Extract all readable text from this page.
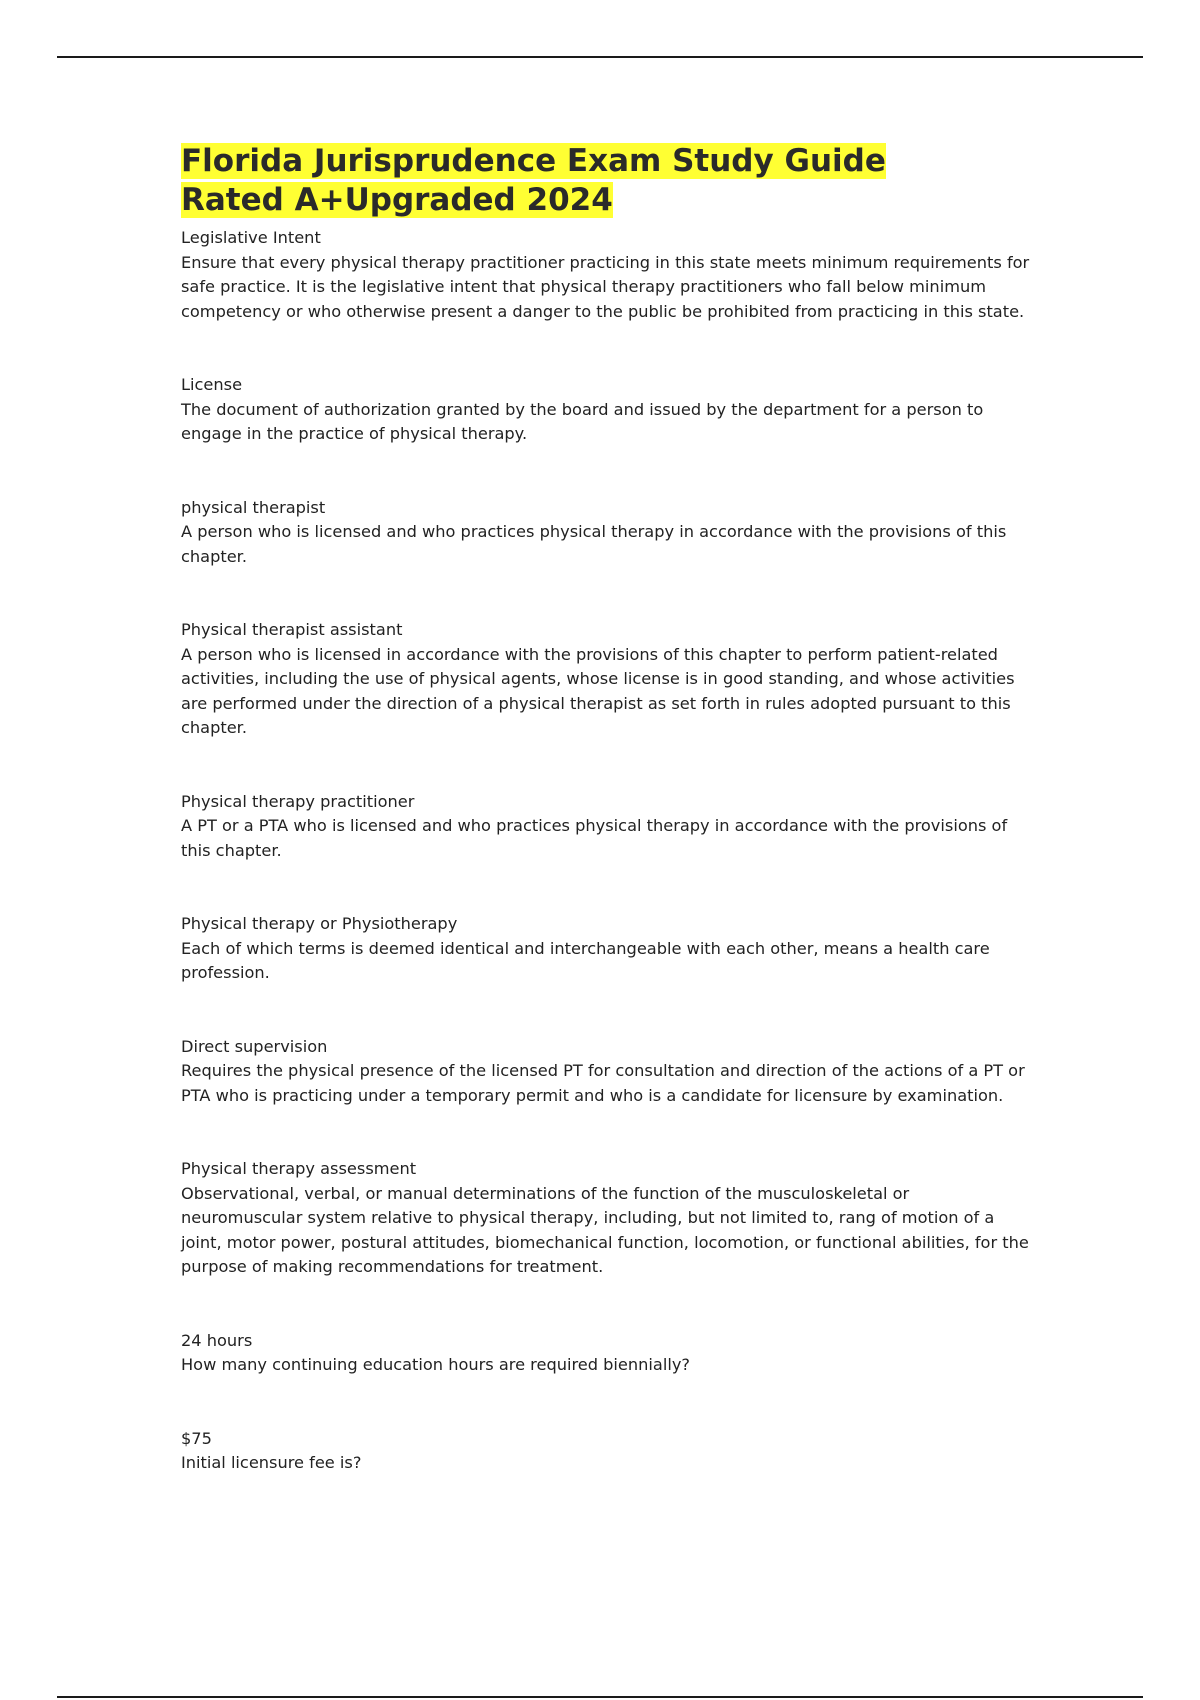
Florida Jurisprudence Exam Study Guide
Rated A+Upgraded 2024

Legislative Intent

Ensure that every physical therapy practitioner practicing in this state meets minimum requirements for safe practice. It is the legislative intent that physical therapy practitioners who fall below minimum competency or who otherwise present a danger to the public be prohibited from practicing in this state.

License

The document of authorization granted by the board and issued by the department for a person to engage in the practice of physical therapy.

physical therapist

A person who is licensed and who practices physical therapy in accordance with the provisions of this chapter.

Physical therapist assistant

A person who is licensed in accordance with the provisions of this chapter to perform patient-related activities, including the use of physical agents, whose license is in good standing, and whose activities are performed under the direction of a physical therapist as set forth in rules adopted pursuant to this chapter.

Physical therapy practitioner

A PT or a PTA who is licensed and who practices physical therapy in accordance with the provisions of this chapter.

Physical therapy or Physiotherapy

Each of which terms is deemed identical and interchangeable with each other, means a health care profession.

Direct supervision

Requires the physical presence of the licensed PT for consultation and direction of the actions of a PT or PTA who is practicing under a temporary permit and who is a candidate for licensure by examination.

Physical therapy assessment

Observational, verbal, or manual determinations of the function of the musculoskeletal or neuromuscular system relative to physical therapy, including, but not limited to, rang of motion of a joint, motor power, postural attitudes, biomechanical function, locomotion, or functional abilities, for the purpose of making recommendations for treatment.

24 hours

How many continuing education hours are required biennially?

$75

Initial licensure fee is?
